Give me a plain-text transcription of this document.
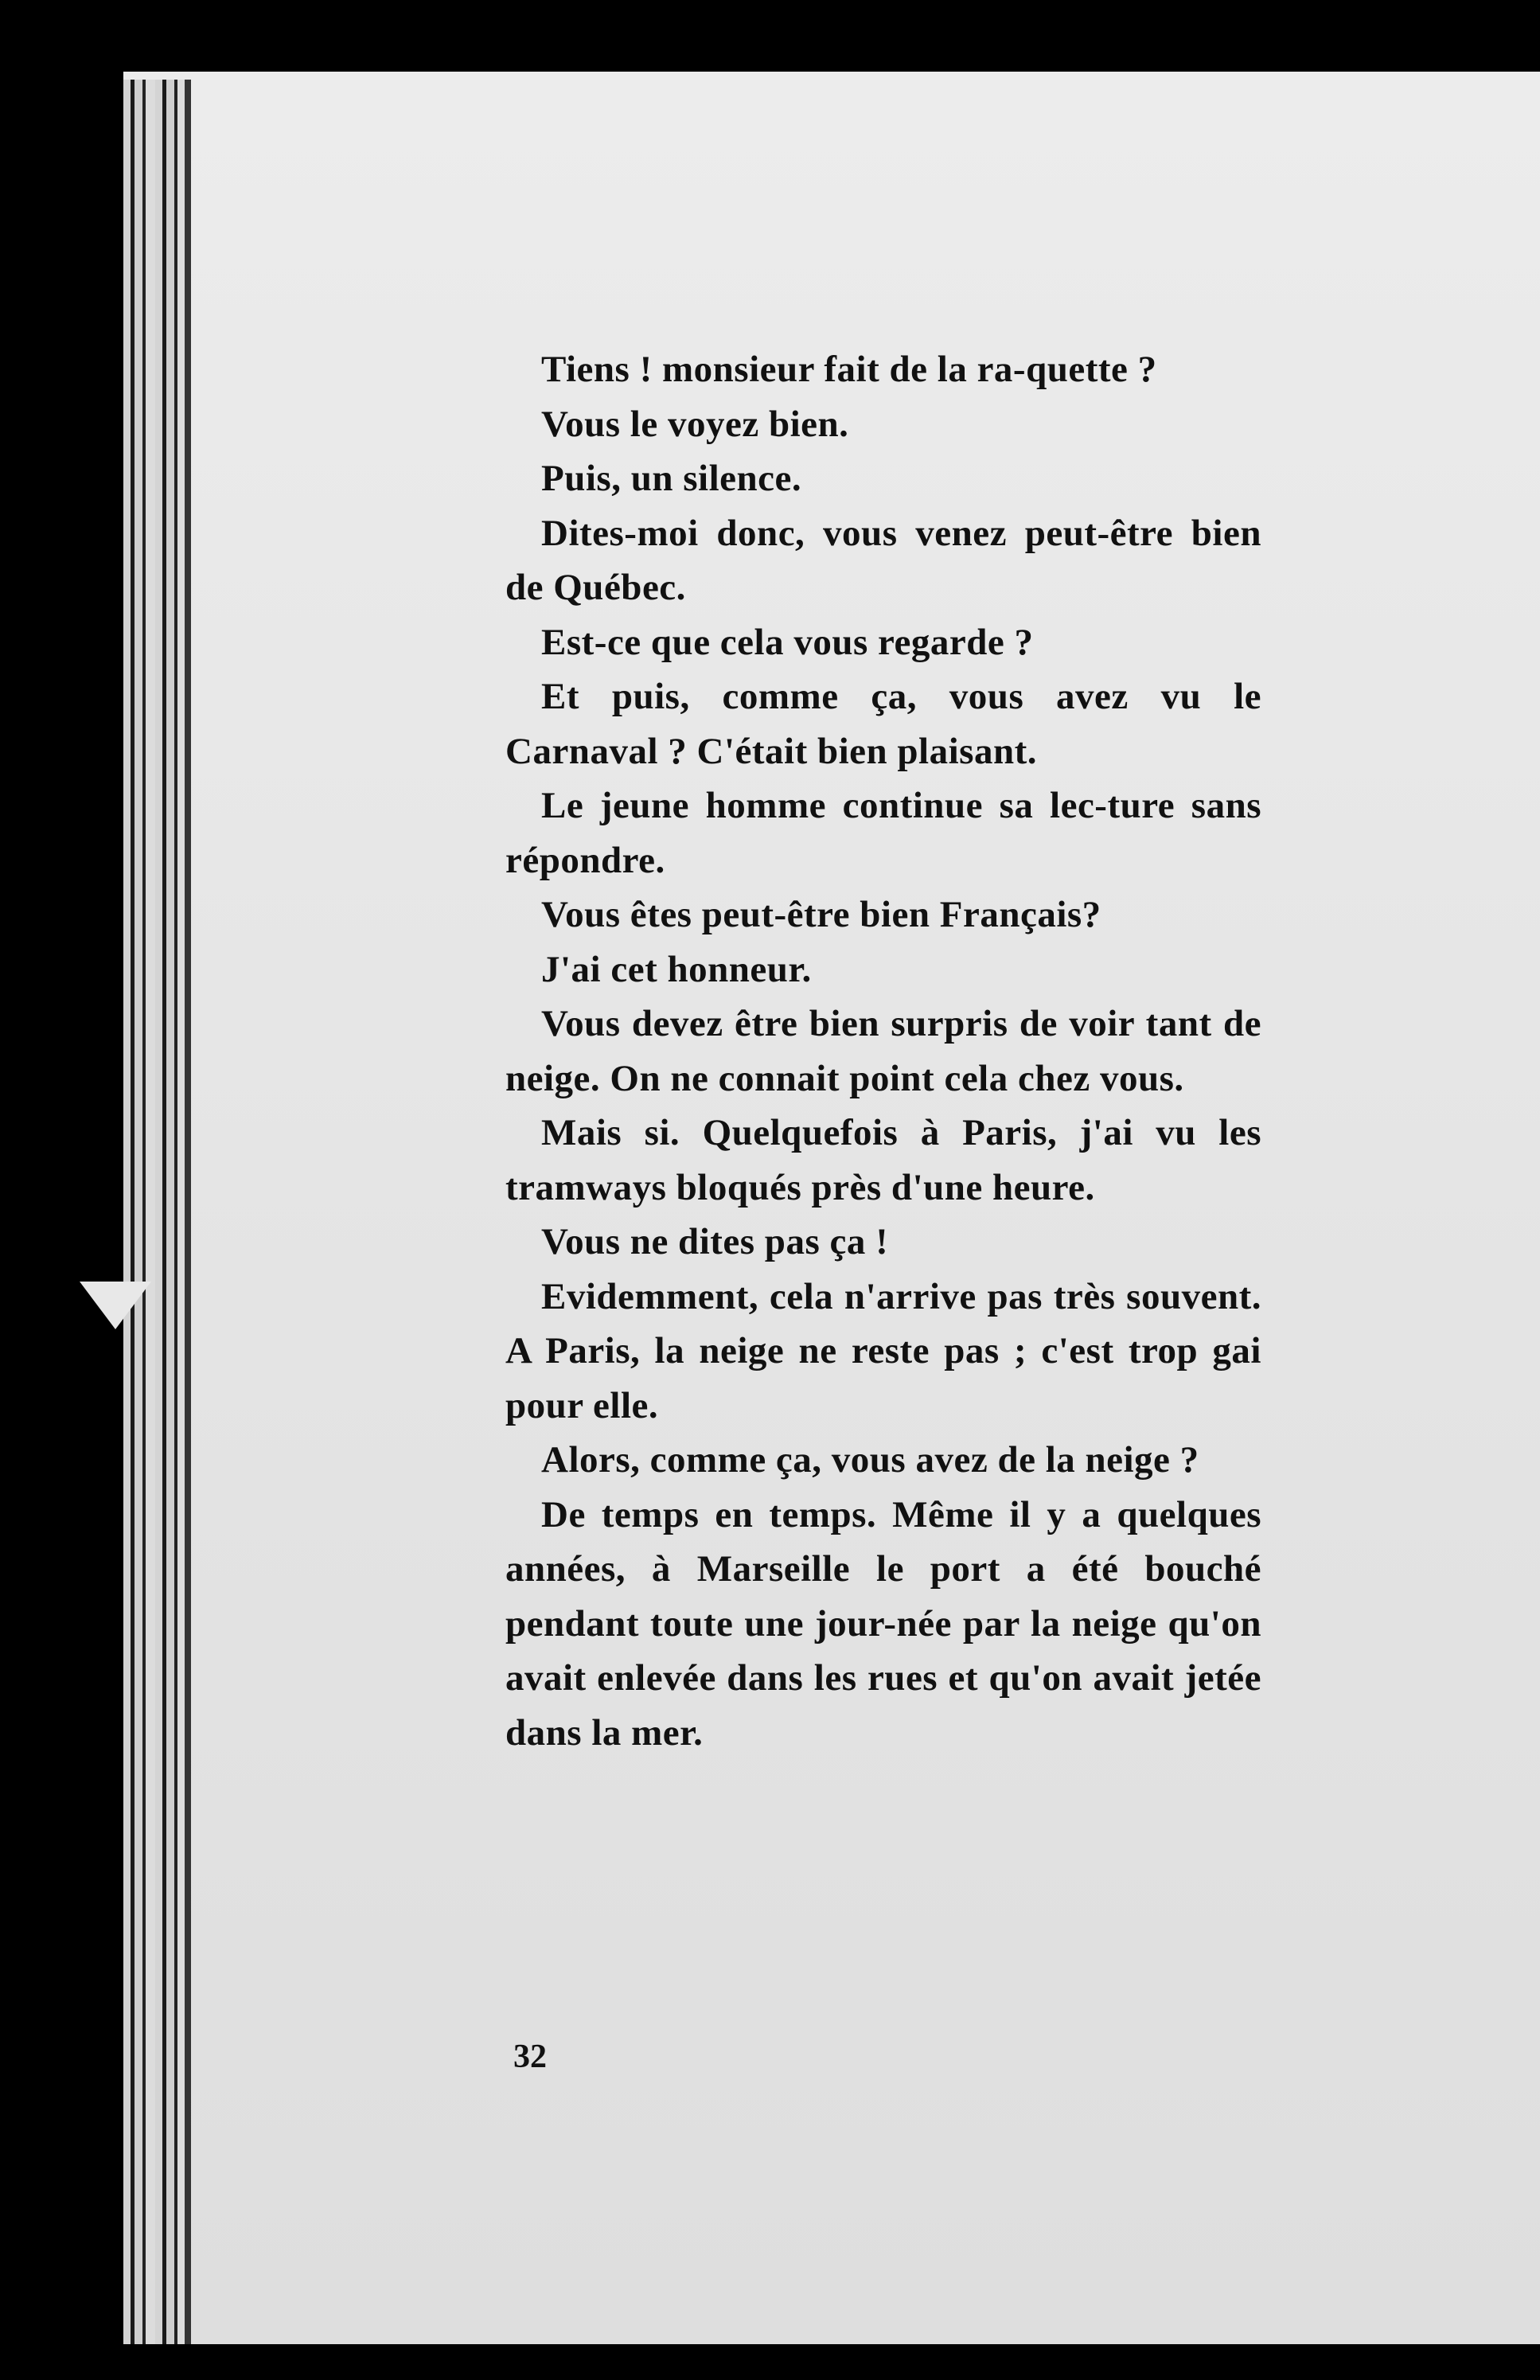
Tiens ! monsieur fait de la ra-quette ?

Vous le voyez bien.

Puis, un silence.

Dites-moi donc, vous venez peut-être bien de Québec.

Est-ce que cela vous regarde ?

Et puis, comme ça, vous avez vu le Carnaval ? C'était bien plaisant.

Le jeune homme continue sa lec-ture sans répondre.

Vous êtes peut-être bien Français?

J'ai cet honneur.

Vous devez être bien surpris de voir tant de neige. On ne connait point cela chez vous.

Mais si. Quelquefois à Paris, j'ai vu les tramways bloqués près d'une heure.

Vous ne dites pas ça !

Evidemment, cela n'arrive pas très souvent. A Paris, la neige ne reste pas ; c'est trop gai pour elle.

Alors, comme ça, vous avez de la neige ?

De temps en temps. Même il y a quelques années, à Marseille le port a été bouché pendant toute une jour-née par la neige qu'on avait enlevée dans les rues et qu'on avait jetée dans la mer.

32
